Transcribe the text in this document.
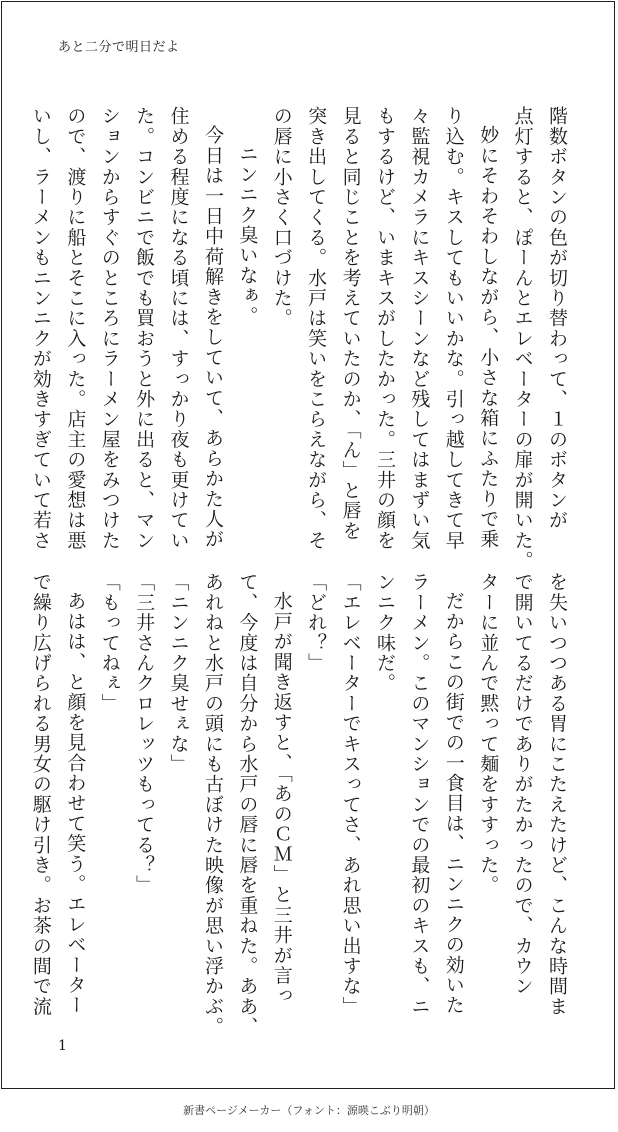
あと二分で明日だよ

階数ボタンの色が切り替わって、１のボタンが

点灯すると、ぽーんとエレベーターの扉が開いた。

妙にそわそわしながら、小さな箱にふたりで乗

り込む。キスしてもいいかな。引っ越してきて早

々監視カメラにキスシーンなど残してはまずい気

もするけど、いまキスがしたかった。三井の顔を

見ると同じことを考えていたのか、「ん」と唇を

突き出してくる。水戸は笑いをこらえながら、そ

の唇に小さく口づけた。

ニンニク臭いなぁ。

今日は一日中荷解きをしていて、あらかた人が

住める程度になる頃には、すっかり夜も更けてい

た。コンビニで飯でも買おうと外に出ると、マン

ションからすぐのところにラーメン屋をみつけた

ので、渡りに船とそこに入った。店主の愛想は悪

いし、ラーメンもニンニクが効きすぎていて若さ

を失いつつある胃にこたえたけど、こんな時間ま

で開いてるだけでありがたかったので、カウン

ターに並んで黙って麺をすすった。

だからこの街での一食目は、ニンニクの効いた

ラーメン。このマンションでの最初のキスも、ニ

ンニク味だ。

「エレベーターでキスってさ、あれ思い出すな」

「どれ？」

水戸が聞き返すと、「あのＣＭ」と三井が言っ

て、今度は自分から水戸の唇に唇を重ねた。ああ、

あれねと水戸の頭にも古ぼけた映像が思い浮かぶ。

「ニンニク臭せぇな」

「三井さんクロレッツもってる？」

「もってねぇ」

あはは、と顔を見合わせて笑う。エレベーター

で繰り広げられる男女の駆け引き。お茶の間で流

1
新書ページメーカー（フォント：源暎こぶり明朝）
